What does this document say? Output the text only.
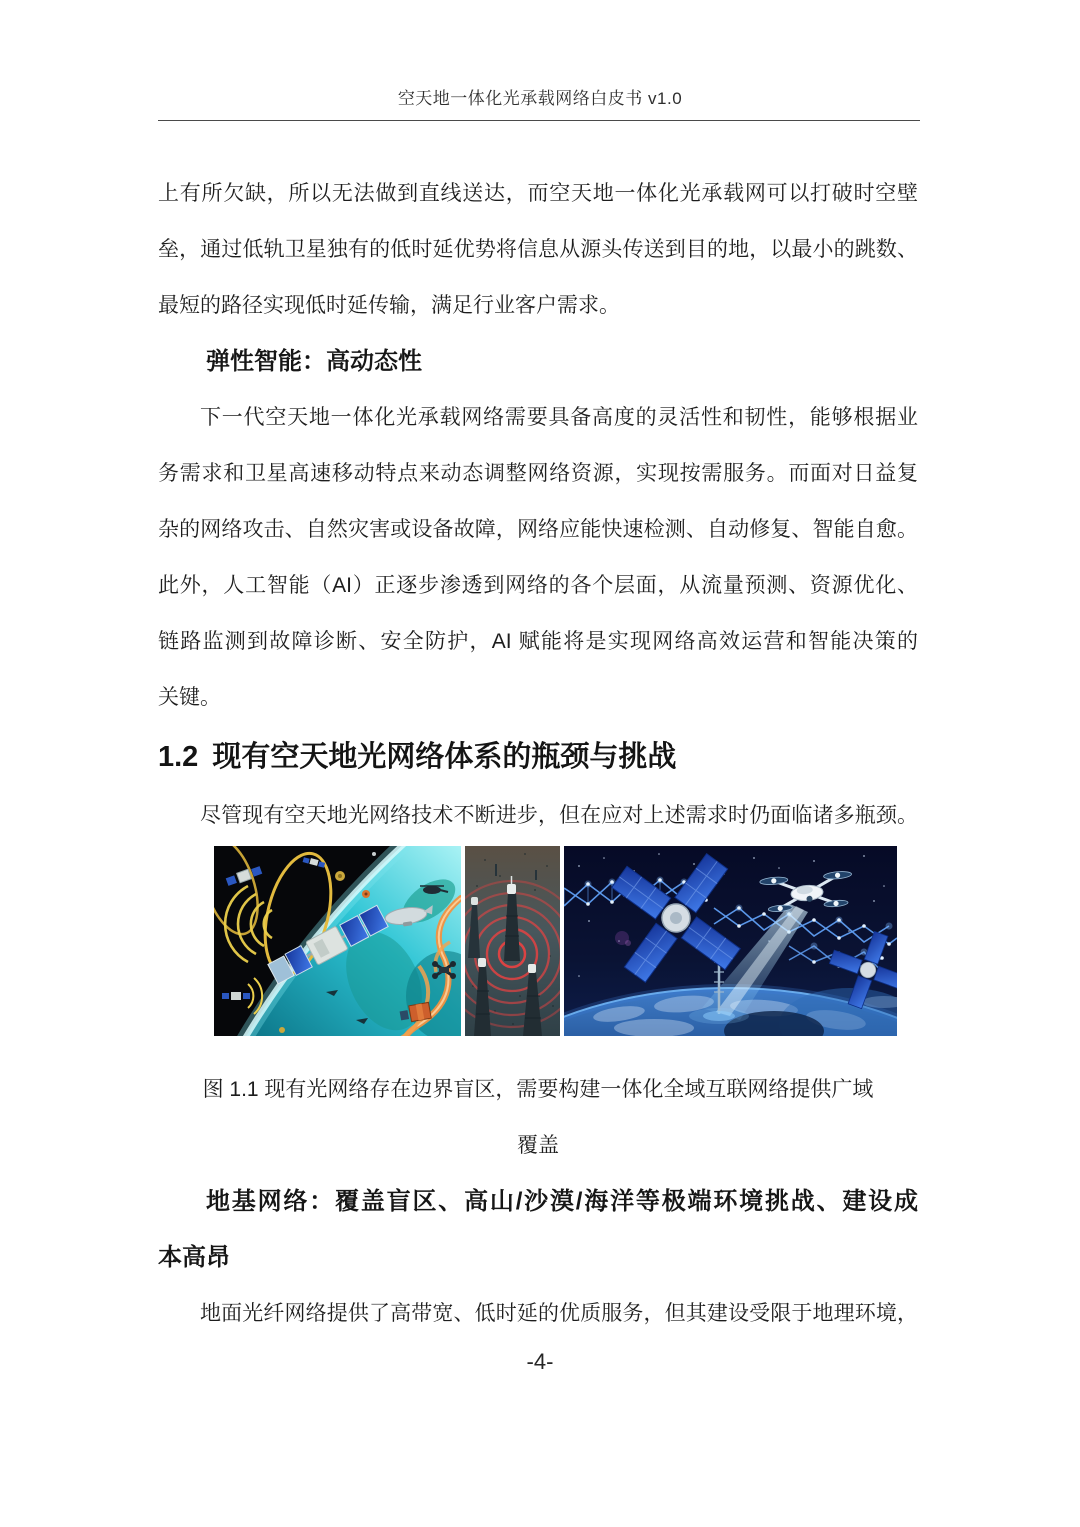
空天地一体化光承载网络白皮书 v1.0
上有所欠缺，所以无法做到直线送达，而空天地一体化光承载网可以打破时空壁
垒，通过低轨卫星独有的低时延优势将信息从源头传送到目的地，以最小的跳数、
最短的路径实现低时延传输，满足行业客户需求。
弹性智能：高动态性
下一代空天地一体化光承载网络需要具备高度的灵活性和韧性，能够根据业
务需求和卫星高速移动特点来动态调整网络资源，实现按需服务。而面对日益复
杂的网络攻击、自然灾害或设备故障，网络应能快速检测、自动修复、智能自愈。
此外，人工智能（AI）正逐步渗透到网络的各个层面，从流量预测、资源优化、
链路监测到故障诊断、安全防护，AI 赋能将是实现网络高效运营和智能决策的
关键。
1.2 现有空天地光网络体系的瓶颈与挑战
尽管现有空天地光网络技术不断进步，但在应对上述需求时仍面临诸多瓶颈。
图 1.1 现有光网络存在边界盲区，需要构建一体化全域互联网络提供广域
覆盖
地基网络：覆盖盲区、高山/沙漠/海洋等极端环境挑战、建设成
本高昂
地面光纤网络提供了高带宽、低时延的优质服务，但其建设受限于地理环境，
-4-
